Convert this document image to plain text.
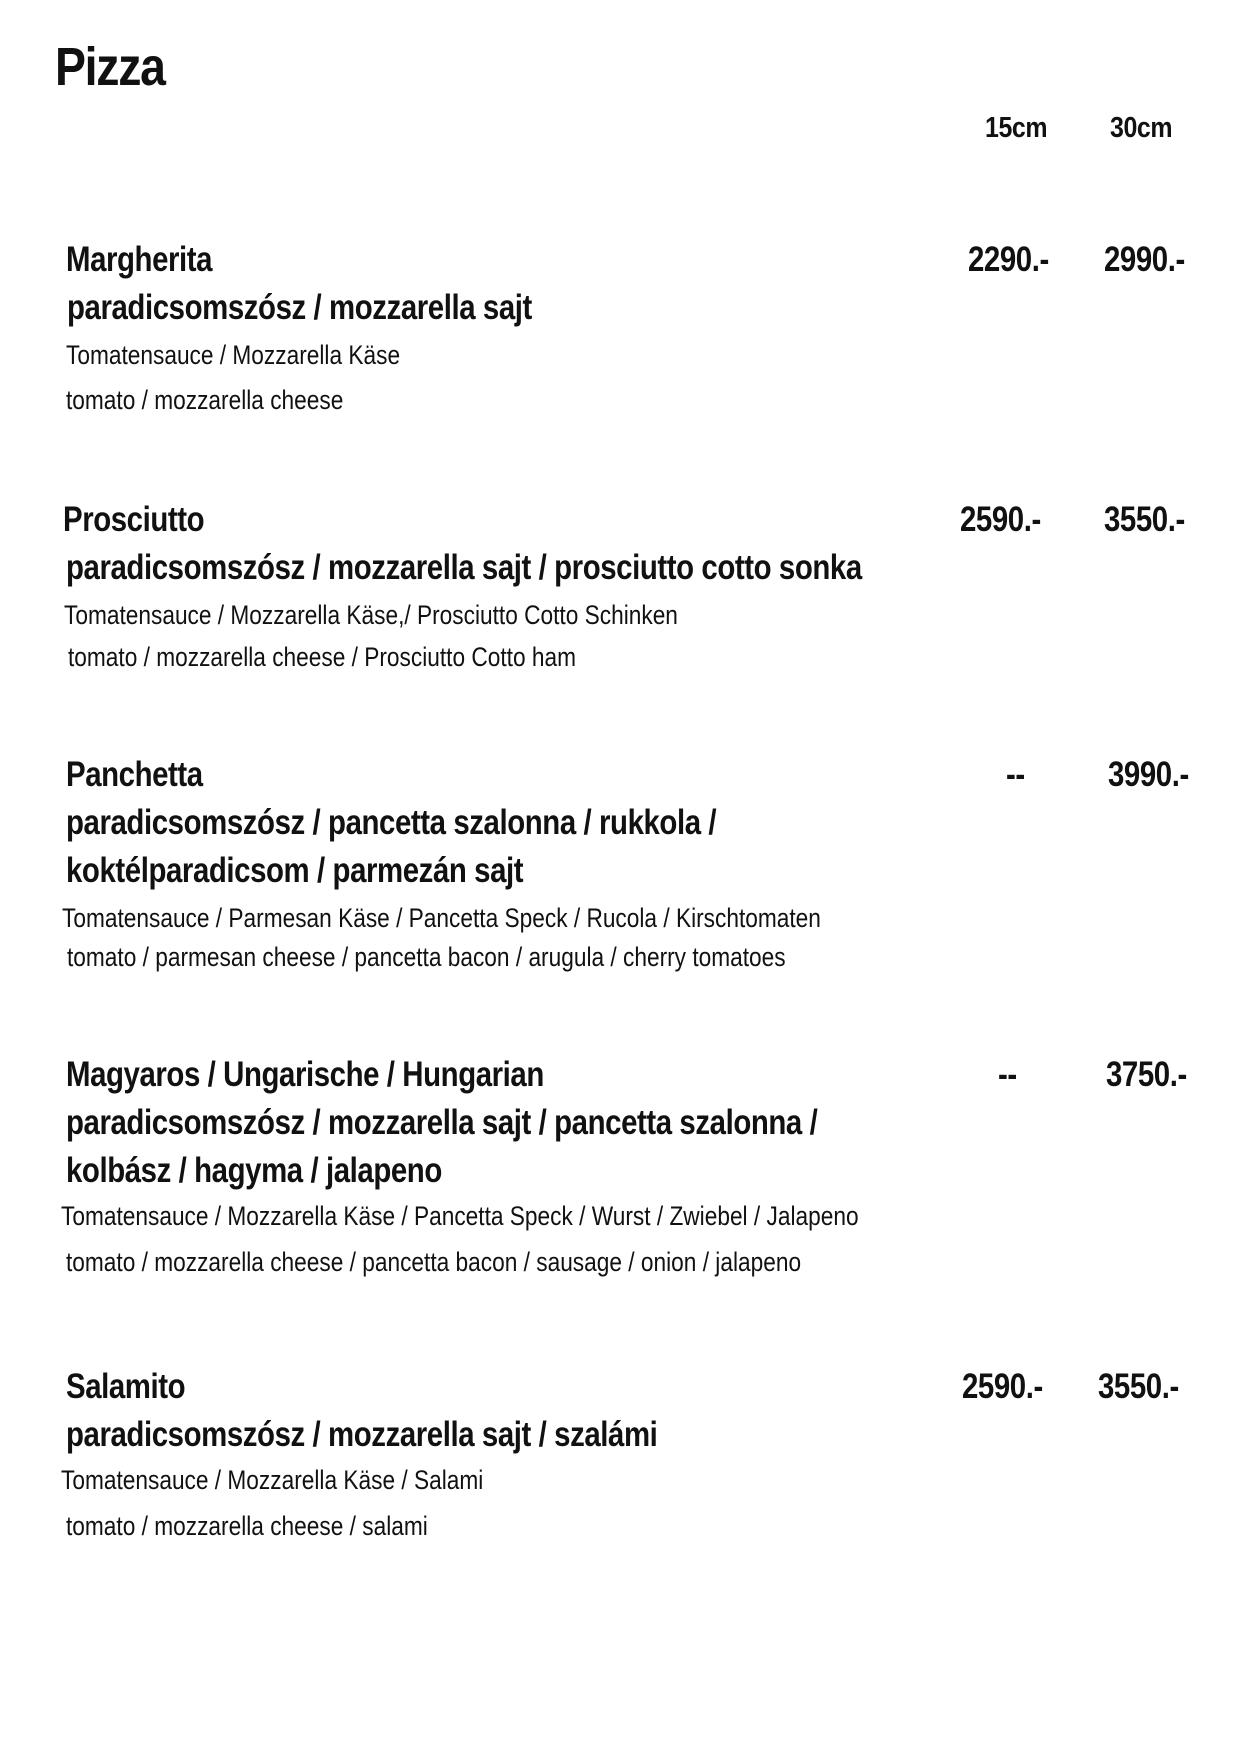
Pizza
15cm 30cm
Margherita	2290.- 2990.-
paradicsomszósz / mozzarella sajt
Tomatensauce / Mozzarella Käse
tomato / mozzarella cheese
Prosciutto	2590.- 3550.-
paradicsomszósz / mozzarella sajt / prosciutto cotto sonka
Tomatensauce / Mozzarella Käse,/ Prosciutto Cotto Schinken
tomato / mozzarella cheese / Prosciutto Cotto ham
Panchetta	-- 3990.-
paradicsomszósz / pancetta szalonna / rukkola /
koktélparadicsom / parmezán sajt
Tomatensauce / Parmesan Käse / Pancetta Speck / Rucola / Kirschtomaten
tomato / parmesan cheese / pancetta bacon / arugula / cherry tomatoes
Magyaros / Ungarische / Hungarian	--	3750.-
paradicsomszósz / mozzarella sajt / pancetta szalonna /
kolbász / hagyma / jalapeno
Tomatensauce / Mozzarella Käse / Pancetta Speck / Wurst / Zwiebel / Jalapeno
tomato / mozzarella cheese / pancetta bacon / sausage / onion / jalapeno
Salamito	2590.- 3550.-
paradicsomszósz / mozzarella sajt / szalámi
Tomatensauce / Mozzarella Käse / Salami
tomato / mozzarella cheese / salami
